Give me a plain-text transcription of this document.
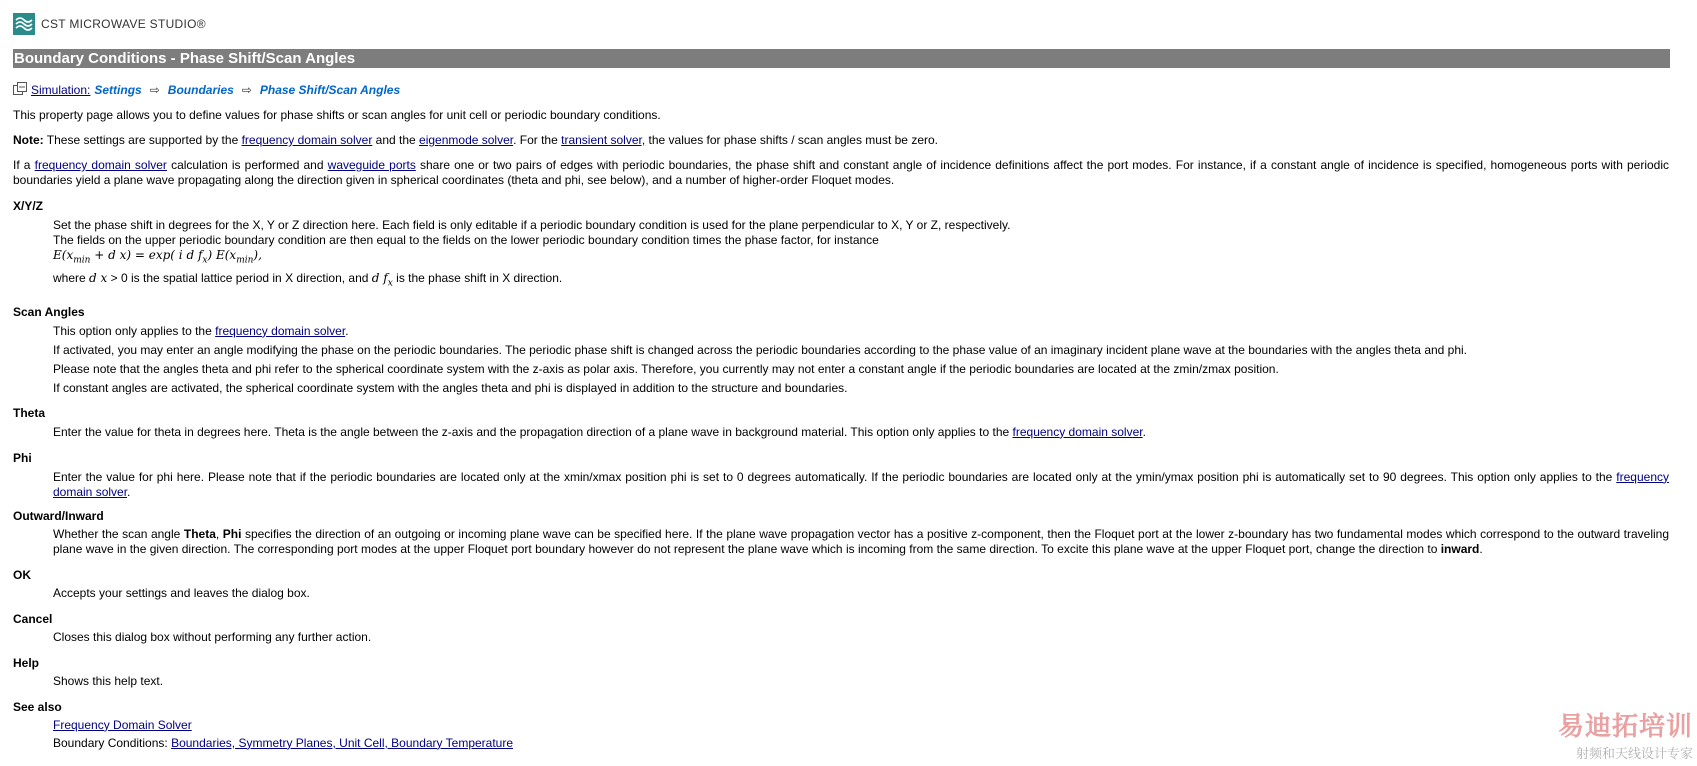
CST MICROWAVE STUDIO®
Boundary Conditions - Phase Shift/Scan Angles
Simulation: Settings ⇨ Boundaries ⇨ Phase Shift/Scan Angles

This property page allows you to define values for phase shifts or scan angles for unit cell or periodic boundary conditions.

Note: These settings are supported by the frequency domain solver and the eigenmode solver. For the transient solver, the values for phase shifts / scan angles must be zero.

If a frequency domain solver calculation is performed and waveguide ports share one or two pairs of edges with periodic boundaries, the phase shift and constant angle of incidence definitions affect the port modes. For instance, if a constant angle of incidence is specified, homogeneous ports with periodic boundaries yield a plane wave propagating along the direction given in spherical coordinates (theta and phi, see below), and a number of higher-order Floquet modes.

X/Y/Z

Set the phase shift in degrees for the X, Y or Z direction here. Each field is only editable if a periodic boundary condition is used for the plane perpendicular to X, Y or Z, respectively.

The fields on the upper periodic boundary condition are then equal to the fields on the lower periodic boundary condition times the phase factor, for instance

$E(x_{min} + d$ x) = exp( i d $f_x$) $E(x_{min})$,

where d x > 0 is the spatial lattice period in X direction, and d $f_x$ is the phase shift in X direction.

Scan Angles

This option only applies to the frequency domain solver.

If activated, you may enter an angle modifying the phase on the periodic boundaries. The periodic phase shift is changed across the periodic boundaries according to the phase value of an imaginary incident plane wave at the boundaries with the angles theta and phi.

Please note that the angles theta and phi refer to the spherical coordinate system with the z-axis as polar axis. Therefore, you currently may not enter a constant angle if the periodic boundaries are located at the zmin/zmax position.

If constant angles are activated, the spherical coordinate system with the angles theta and phi is displayed in addition to the structure and boundaries.

Theta

Enter the value for theta in degrees here. Theta is the angle between the z-axis and the propagation direction of a plane wave in background material. This option only applies to the frequency domain solver.

Phi

Enter the value for phi here. Please note that if the periodic boundaries are located only at the xmin/xmax position phi is set to 0 degrees automatically. If the periodic boundaries are located only at the ymin/ymax position phi is automatically set to 90 degrees. This option only applies to the frequency domain solver.

Outward/Inward

Whether the scan angle Theta, Phi specifies the direction of an outgoing or incoming plane wave can be specified here. If the plane wave propagation vector has a positive z-component, then the Floquet port at the lower z-boundary has two fundamental modes which correspond to the outward traveling plane wave in the given direction. The corresponding port modes at the upper Floquet port boundary however do not represent the plane wave which is incoming from the same direction. To excite this plane wave at the upper Floquet port, change the direction to inward.

OK

Accepts your settings and leaves the dialog box.

Cancel

Closes this dialog box without performing any further action.

Help

Shows this help text.

See also

Frequency Domain Solver

Boundary Conditions: Boundaries, Symmetry Planes, Unit Cell, Boundary Temperature

易迪拓培训
射频和天线设计专家
